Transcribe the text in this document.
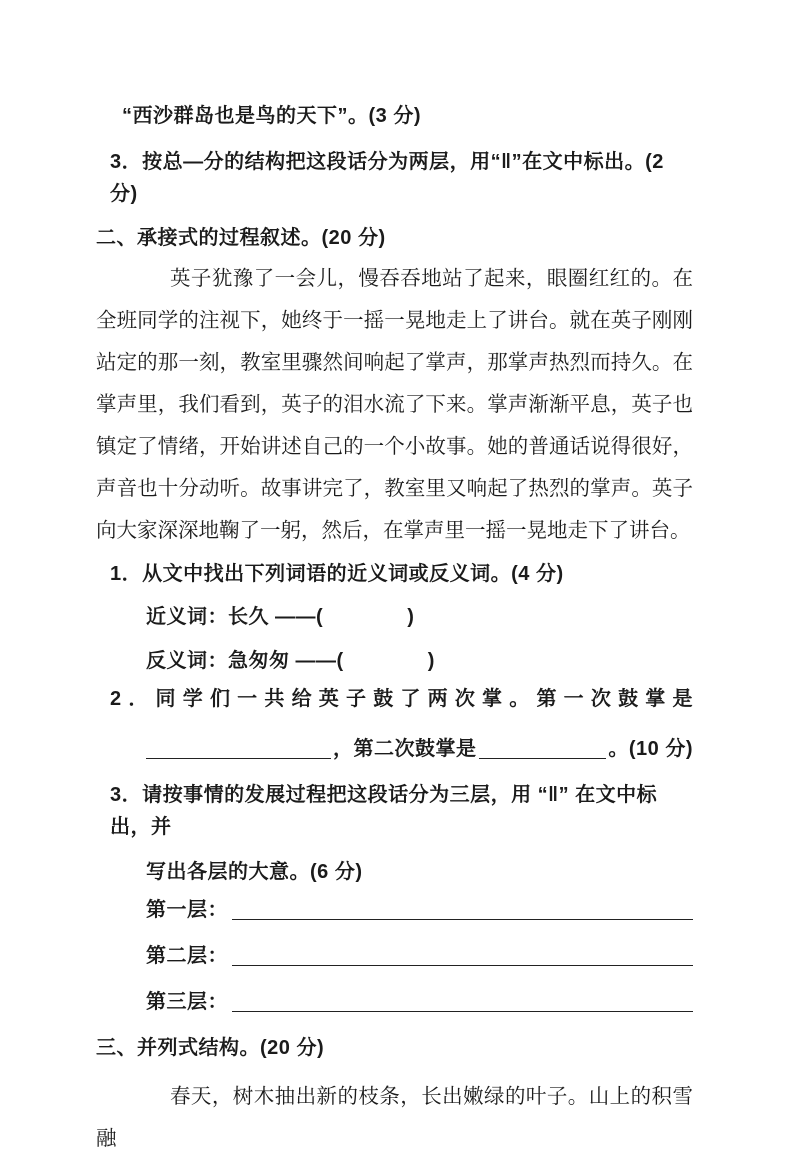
“西沙群岛也是鸟的天下”。(3 分)
3．按总—分的结构把这段话分为两层，用“‖”在文中标出。(2 分)
二、承接式的过程叙述。(20 分)

英子犹豫了一会儿，慢吞吞地站了起来，眼圈红红的。在全班同学的注视下，她终于一摇一晃地走上了讲台。就在英子刚刚站定的那一刻，教室里骤然间响起了掌声，那掌声热烈而持久。在掌声里，我们看到，英子的泪水流了下来。掌声渐渐平息，英子也镇定了情绪，开始讲述自己的一个小故事。她的普通话说得很好，声音也十分动听。故事讲完了，教室里又响起了热烈的掌声。英子向大家深深地鞠了一躬，然后，在掌声里一摇一晃地走下了讲台。

1．从文中找出下列词语的近义词或反义词。(4 分)
近义词：长久 ——(	)
反义词：急匆匆 ——(	)
2．同学们一共给英子鼓了两次掌。第一次鼓掌是
，第二次鼓掌是	。(10 分)
3．请按事情的发展过程把这段话分为三层，用 “‖” 在文中标出，并
写出各层的大意。(6 分)
第一层：
第二层：
第三层：
三、并列式结构。(20 分)

春天，树木抽出新的枝条，长出嫩绿的叶子。山上的积雪融
